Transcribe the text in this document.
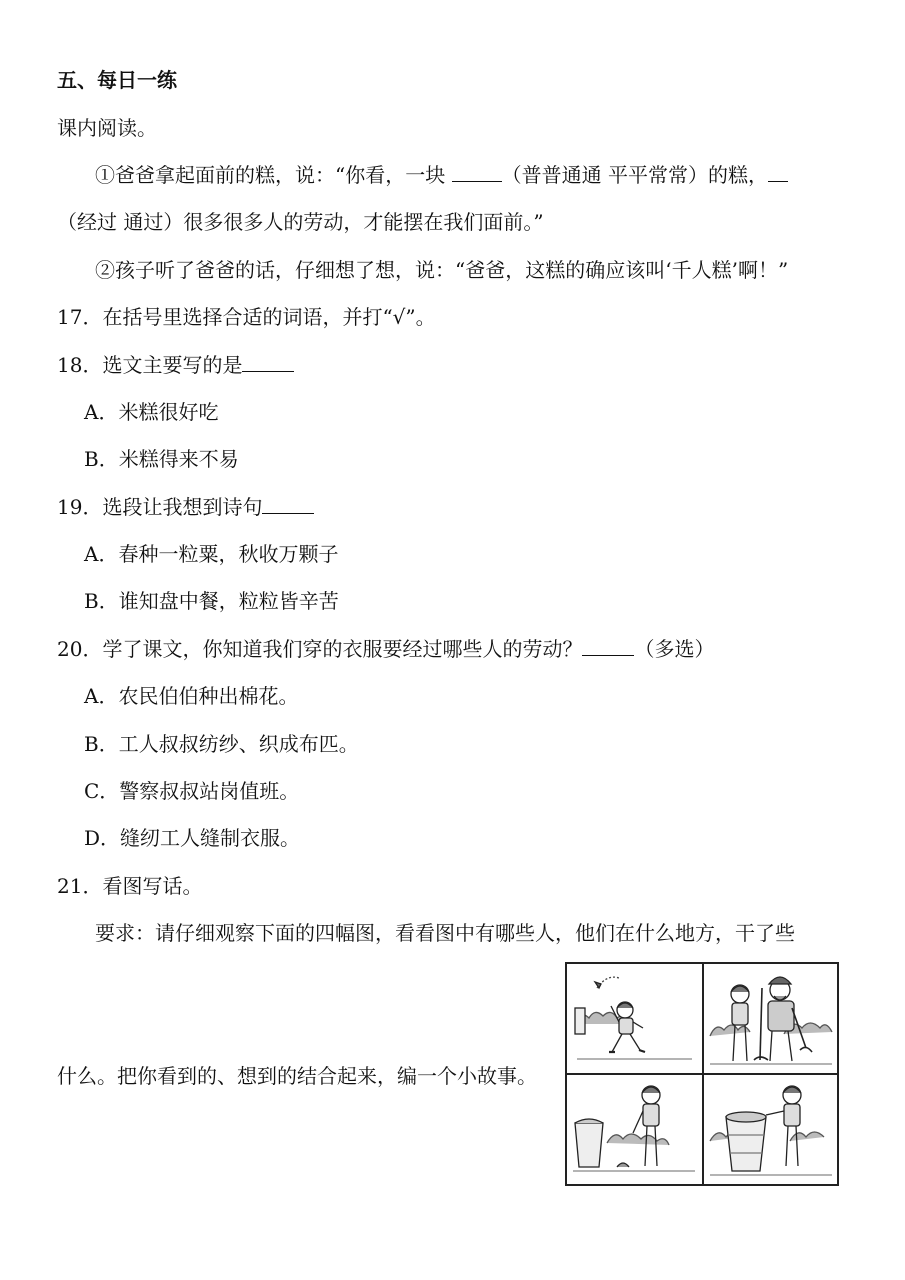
五、每日一练
课内阅读。
①爸爸拿起面前的糕，说：“你看，一块	（普普通通 平平常常）的糕，
（经过 通过）很多很多人的劳动，才能摆在我们面前。”
②孩子听了爸爸的话，仔细想了想，说：“爸爸，这糕的确应该叫‘千人糕’啊！”
17．在括号里选择合适的词语，并打“√”。
18．选文主要写的是
A．米糕很好吃
B．米糕得来不易
19．选段让我想到诗句
A．春种一粒粟，秋收万颗子
B．谁知盘中餐，粒粒皆辛苦
20．学了课文，你知道我们穿的衣服要经过哪些人的劳动？	（多选）
A．农民伯伯种出棉花。
B．工人叔叔纺纱、织成布匹。
C．警察叔叔站岗值班。
D．缝纫工人缝制衣服。
21．看图写话。
要求：请仔细观察下面的四幅图，看看图中有哪些人，他们在什么地方，干了些
什么。把你看到的、想到的结合起来，编一个小故事。
